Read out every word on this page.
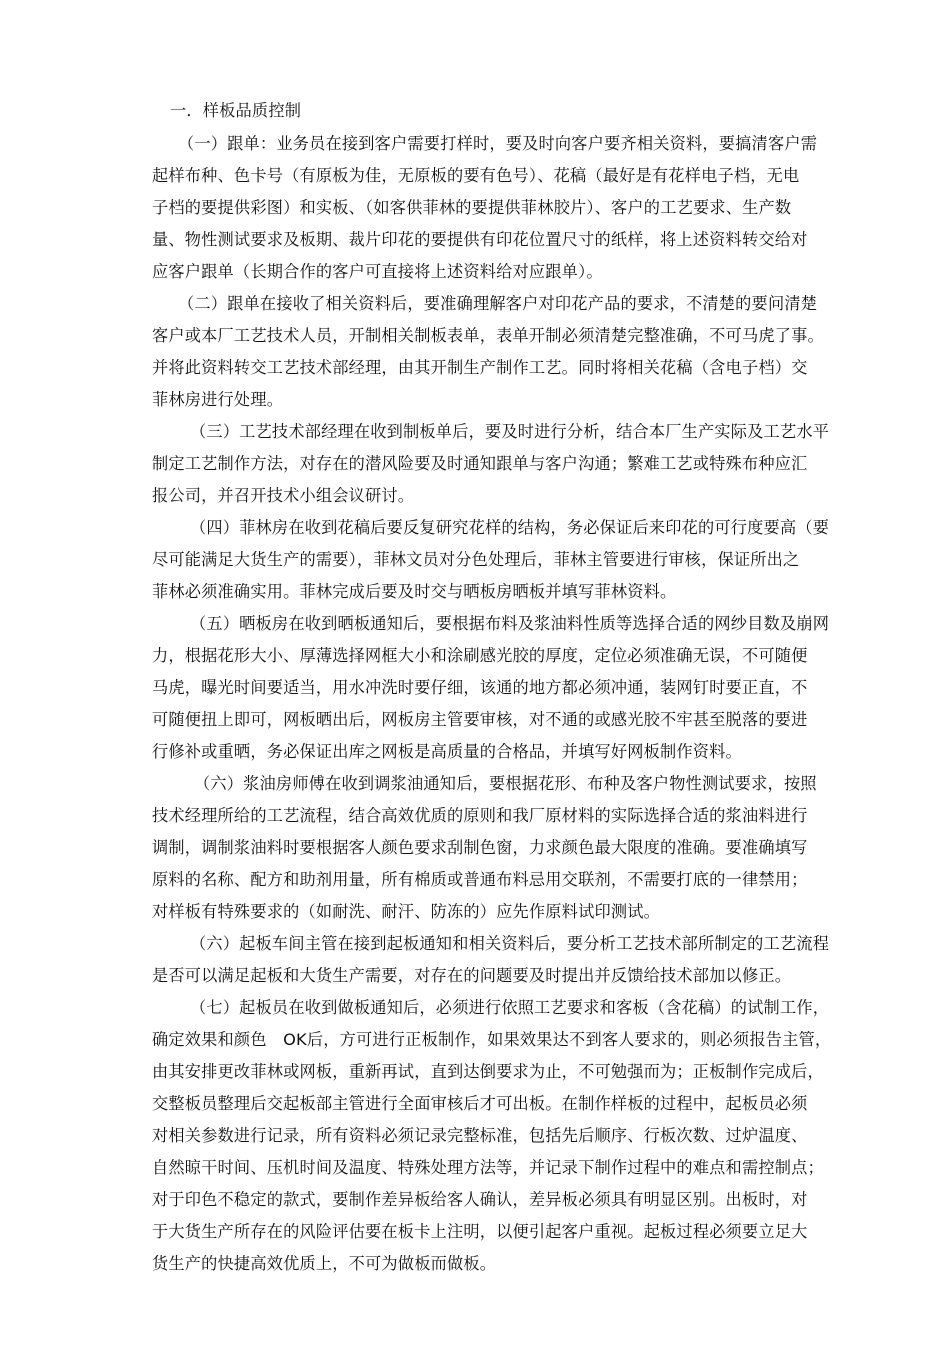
一．样板品质控制
（一）跟单：业务员在接到客户需要打样时，要及时向客户要齐相关资料，要搞清客户需
起样布种、色卡号（有原板为佳，无原板的要有色号）、花稿（最好是有花样电子档，无电
子档的要提供彩图）和实板、（如客供菲林的要提供菲林胶片）、客户的工艺要求、生产数
量、物性测试要求及板期、裁片印花的要提供有印花位置尺寸的纸样，将上述资料转交给对
应客户跟单（长期合作的客户可直接将上述资料给对应跟单）。
（二）跟单在接收了相关资料后，要准确理解客户对印花产品的要求，不清楚的要问清楚
客户或本厂工艺技术人员，开制相关制板表单，表单开制必须清楚完整准确，不可马虎了事。
并将此资料转交工艺技术部经理，由其开制生产制作工艺。同时将相关花稿（含电子档）交
菲林房进行处理。
（三）工艺技术部经理在收到制板单后，要及时进行分析，结合本厂生产实际及工艺水平
制定工艺制作方法，对存在的潜风险要及时通知跟单与客户沟通；繁难工艺或特殊布种应汇
报公司，并召开技术小组会议研讨。
（四）菲林房在收到花稿后要反复研究花样的结构，务必保证后来印花的可行度要高（要
尽可能满足大货生产的需要），菲林文员对分色处理后，菲林主管要进行审核，保证所出之
菲林必须准确实用。菲林完成后要及时交与晒板房晒板并填写菲林资料。
（五）晒板房在收到晒板通知后，要根据布料及浆油料性质等选择合适的网纱目数及崩网
力，根据花形大小、厚薄选择网框大小和涂刷感光胶的厚度，定位必须准确无误，不可随便
马虎，曝光时间要适当，用水冲洗时要仔细，该通的地方都必须冲通，装网钉时要正直，不
可随便扭上即可，网板晒出后，网板房主管要审核，对不通的或感光胶不牢甚至脱落的要进
行修补或重晒，务必保证出库之网板是高质量的合格品，并填写好网板制作资料。
（六）浆油房师傅在收到调浆油通知后，要根据花形、布种及客户物性测试要求，按照
技术经理所给的工艺流程，结合高效优质的原则和我厂原材料的实际选择合适的浆油料进行
调制，调制浆油料时要根据客人颜色要求刮制色窗，力求颜色最大限度的准确。要准确填写
原料的名称、配方和助剂用量，所有棉质或普通布料忌用交联剂，不需要打底的一律禁用；
对样板有特殊要求的（如耐洗、耐汗、防冻的）应先作原料试印测试。
（六）起板车间主管在接到起板通知和相关资料后，要分析工艺技术部所制定的工艺流程
是否可以满足起板和大货生产需要，对存在的问题要及时提出并反馈给技术部加以修正。
（七）起板员在收到做板通知后，必须进行依照工艺要求和客板（含花稿）的试制工作，
确定效果和颜色　OK后，方可进行正板制作，如果效果达不到客人要求的，则必须报告主管，
由其安排更改菲林或网板，重新再试，直到达倒要求为止，不可勉强而为；正板制作完成后，
交整板员整理后交起板部主管进行全面审核后才可出板。在制作样板的过程中，起板员必须
对相关参数进行记录，所有资料必须记录完整标准，包括先后顺序、行板次数、过炉温度、
自然晾干时间、压机时间及温度、特殊处理方法等，并记录下制作过程中的难点和需控制点；
对于印色不稳定的款式，要制作差异板给客人确认，差异板必须具有明显区别。出板时，对
于大货生产所存在的风险评估要在板卡上注明，以便引起客户重视。起板过程必须要立足大
货生产的快捷高效优质上，不可为做板而做板。
